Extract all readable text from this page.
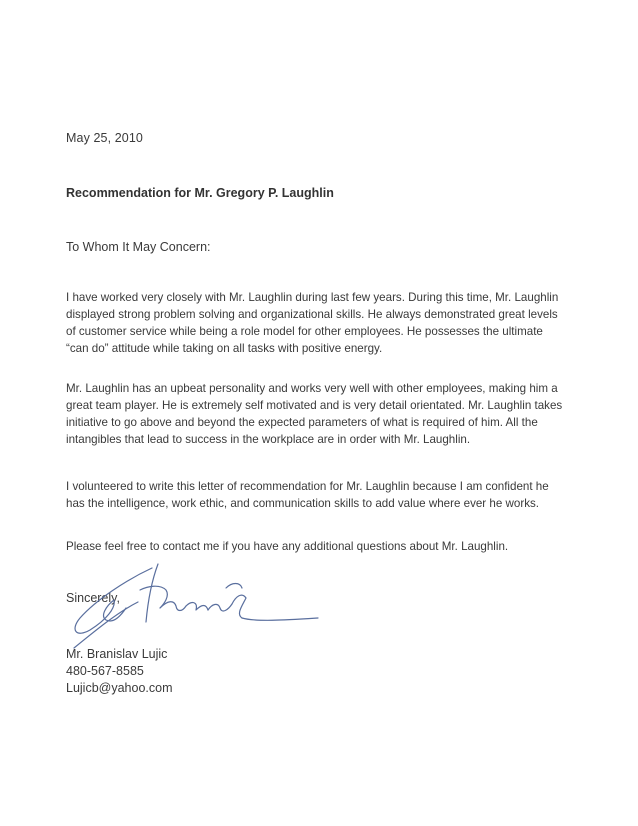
May 25, 2010
Recommendation for Mr. Gregory P. Laughlin
To Whom It May Concern:

I have worked very closely with Mr. Laughlin during last few years. During this time, Mr. Laughlin displayed strong problem solving and organizational skills. He always demonstrated great levels of customer service while being a role model for other employees. He possesses the ultimate “can do” attitude while taking on all tasks with positive energy.

Mr. Laughlin has an upbeat personality and works very well with other employees, making him a great team player. He is extremely self motivated and is very detail orientated. Mr. Laughlin takes initiative to go above and beyond the expected parameters of what is required of him. All the intangibles that lead to success in the workplace are in order with Mr. Laughlin.

I volunteered to write this letter of recommendation for Mr. Laughlin because I am confident he has the intelligence, work ethic, and communication skills to add value where ever he works.

Please feel free to contact me if you have any additional questions about Mr. Laughlin.

Sincerely,
Mr. Branislav Lujic
480-567-8585
Lujicb@yahoo.com
